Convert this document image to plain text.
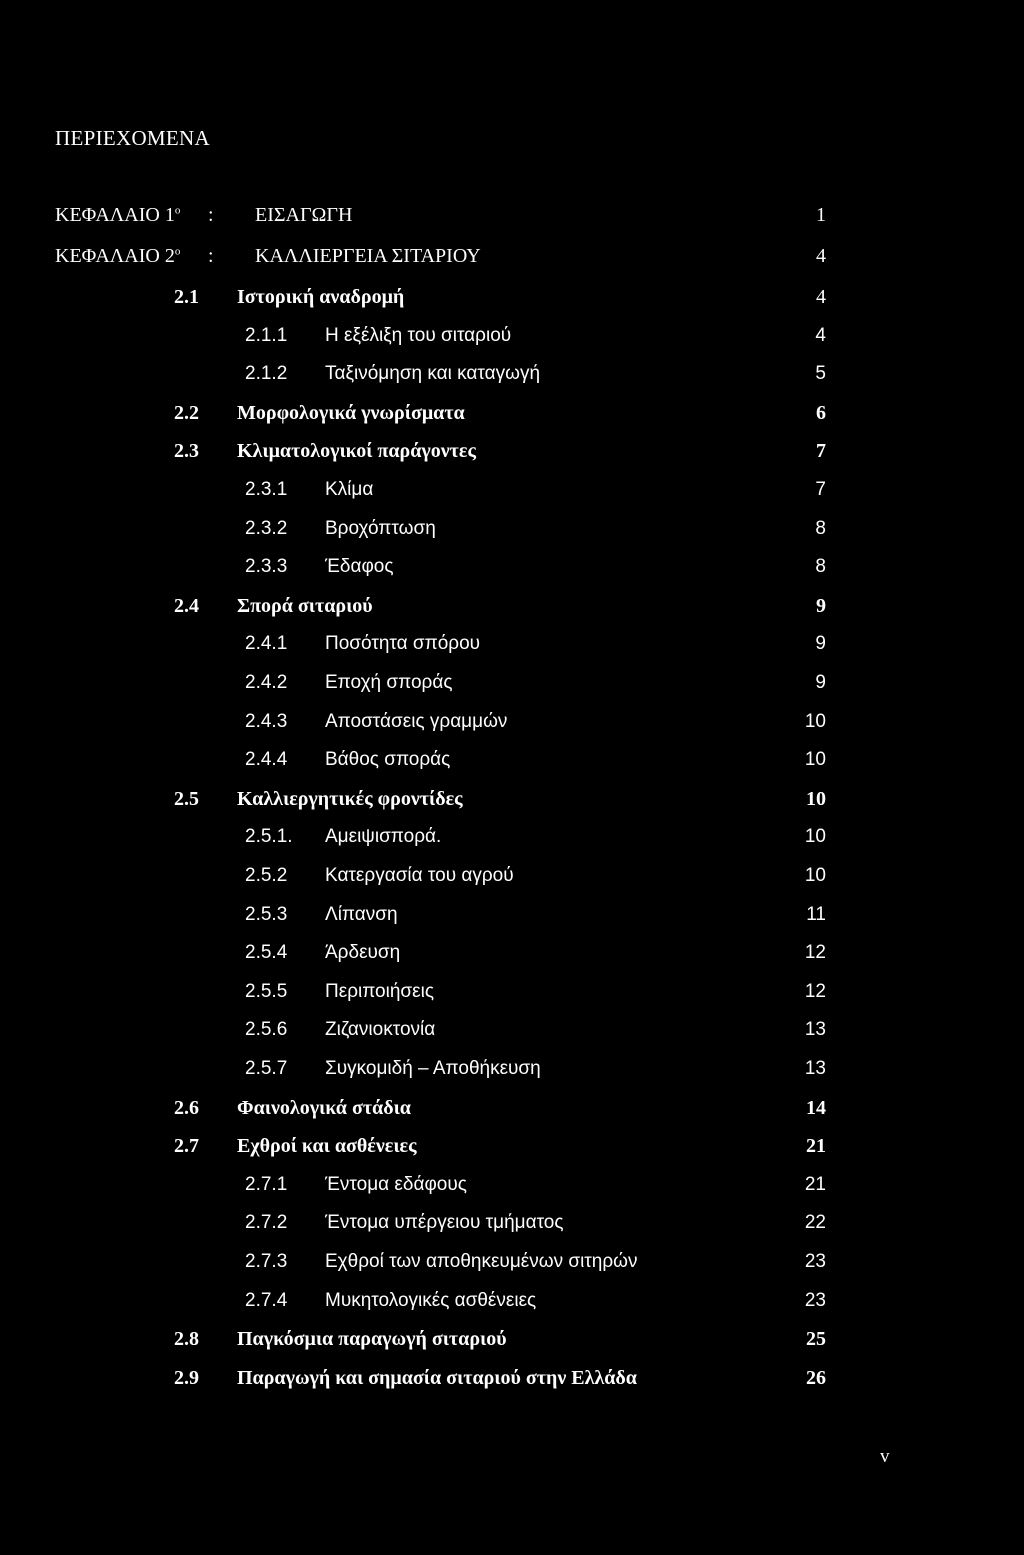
ΠΕΡΙΕΧΟΜΕΝΑ
ΚΕΦΑΛΑΙΟ $1^o$ : ΕΙΣΑΓΩΓΗ	1
ΚΕΦΑΛΑΙΟ $2^o$ : ΚΑΛΛΙΕΡΓΕΙΑ ΣΙΤΑΡΙΟΥ	4
2.1 Ιστορική αναδρομή	4
2.1.1 Η εξέλιξη του σιταριού	4
2.1.2 Ταξινόμηση και καταγωγή	5
2.2 Μορφολογικά γνωρίσματα	6
2.3 Κλιματολογικοί παράγοντες	7
2.3.1 Κλίμα	7
2.3.2 Βροχόπτωση	8
2.3.3 Έδαφος	8
2.4 Σπορά σιταριού	9
2.4.1 Ποσότητα σπόρου	9
2.4.2 Εποχή σποράς	9
2.4.3 Αποστάσεις γραμμών	10
2.4.4 Βάθος σποράς	10
2.5 Καλλιεργητικές φροντίδες	10
2.5.1. Αμειψισπορά.	10
2.5.2 Κατεργασία του αγρού	10
2.5.3 Λίπανση	11
2.5.4 Άρδευση	12
2.5.5 Περιποιήσεις	12
2.5.6 Ζιζανιοκτονία	13
2.5.7 Συγκομιδή – Αποθήκευση	13
2.6 Φαινολογικά στάδια	14
2.7 Εχθροί και ασθένειες	21
2.7.1 Έντομα εδάφους	21
2.7.2 Έντομα υπέργειου τμήματος	22
2.7.3 Εχθροί των αποθηκευμένων σιτηρών	23
2.7.4 Μυκητολογικές ασθένειες	23
2.8 Παγκόσμια παραγωγή σιταριού	25
2.9 Παραγωγή και σημασία σιταριού στην Ελλάδα	26
v
